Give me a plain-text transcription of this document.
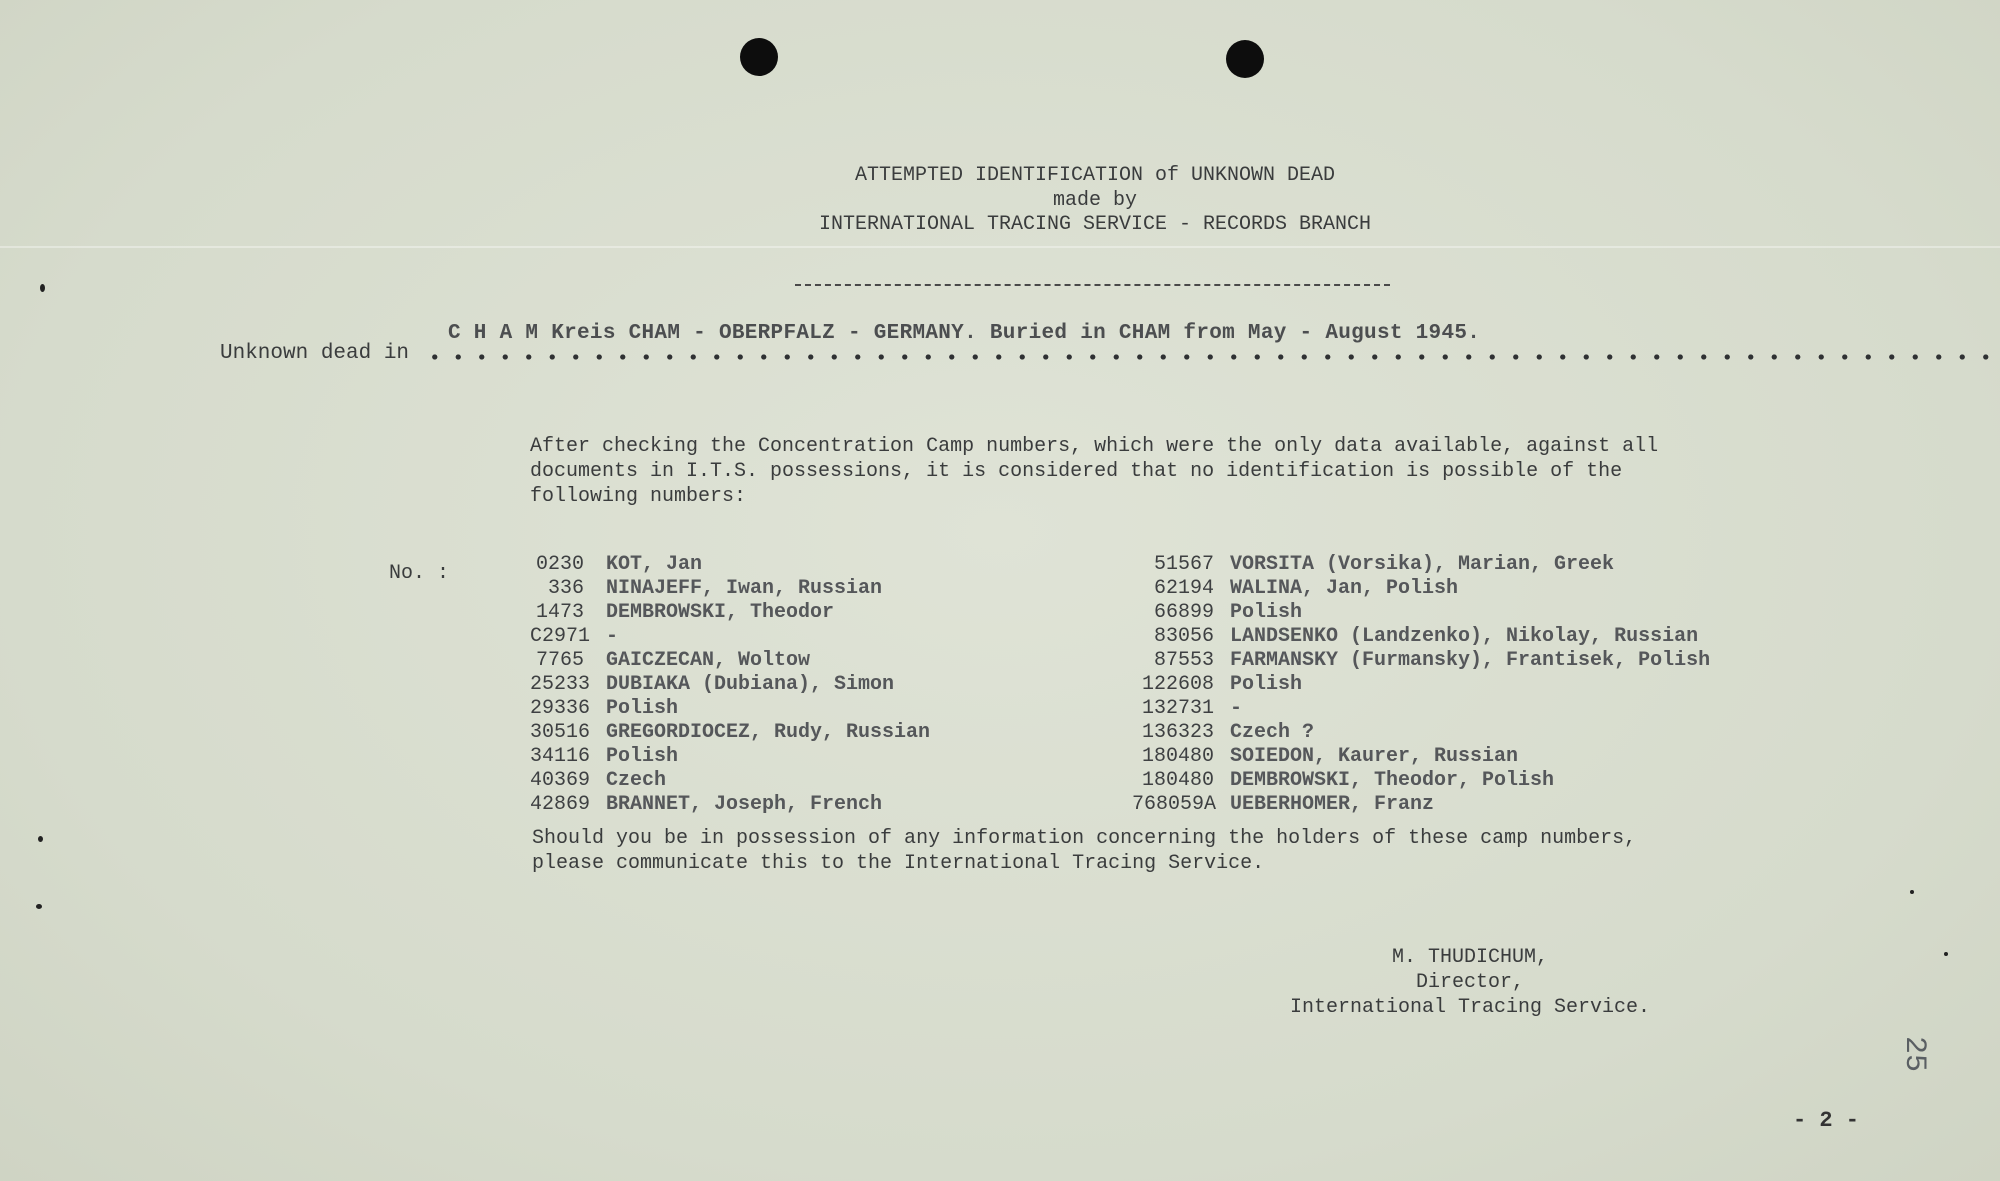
ATTEMPTED IDENTIFICATION of UNKNOWN DEAD
made by
INTERNATIONAL TRACING SERVICE - RECORDS BRANCH
Unknown dead in
C H A M Kreis CHAM - OBERPFALZ - GERMANY. Buried in CHAM from May - August 1945.

After checking the Concentration Camp numbers, which were the only data available, against all

documents in I.T.S. possessions, it is considered that no identification is possible of the

following numbers:

No. :	0230 KOT, Jan
336 NINAJEFF, Iwan, Russian
1473 DEMBROWSKI, Theodor
C2971 -
7765 GAICZECAN, Woltow
25233 DUBIAKA (Dubiana), Simon
29336 Polish
30516 GREGORDIOCEZ, Rudy, Russian
34116 Polish
40369 Czech
42869 BRANNET, Joseph, French
51567 VORSITA (Vorsika), Marian, Greek
62194 WALINA, Jan, Polish
66899 Polish
83056 LANDSENKO (Landzenko), Nikolay, Russian
87553 FARMANSKY (Furmansky), Frantisek, Polish
122608 Polish
132731 -
136323 Czech ?
180480 SOIEDON, Kaurer, Russian
180480 DEMBROWSKI, Theodor, Polish
768059A UEBERHOMER, Franz

Should you be in possession of any information concerning the holders of these camp numbers,

please communicate this to the International Tracing Service.

M. THUDICHUM,

Director,

International Tracing Service.

25
- 2 -
